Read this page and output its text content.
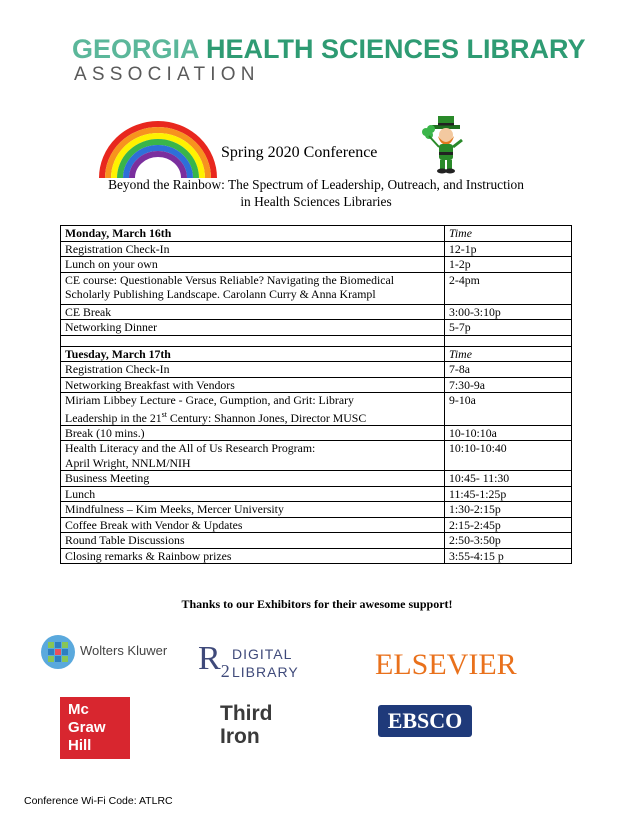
GEORGIA HEALTH SCIENCES LIBRARY
ASSOCIATION
Spring 2020 Conference
Beyond the Rainbow: The Spectrum of Leadership, Outreach, and Instruction
in Health Sciences Libraries
Monday, March 16th	Time
Registration Check-In	12-1p
Lunch on your own	1-2p

CE course: Questionable Versus Reliable? Navigating the Biomedical
Scholarly Publishing Landscape. Carolann Curry & Anna Krampl	2-4pm
CE Break	3:00-3:10p
Networking Dinner	5-7p

Tuesday, March 17th	Time
Registration Check-In	7-8a
Networking Breakfast with Vendors	7:30-9a

Miriam Libbey Lecture - Grace, Gumption, and Grit: Library
Leadership in the 21st Century: Shannon Jones, Director MUSC	9-10a
Break (10 mins.)	10-10:10a

Health Literacy and the All of Us Research Program:
April Wright, NNLM/NIH	10:10-10:40
Business Meeting	10:45- 11:30
Lunch	11:45-1:25p
Mindfulness – Kim Meeks, Mercer University	1:30-2:15p
Coffee Break with Vendor & Updates	2:15-2:45p
Round Table Discussions	2:50-3:50p
Closing remarks & Rainbow prizes	3:55-4:15 p
Thanks to our Exhibitors for their awesome support!
Wolters Kluwer $R_2$
DIGITAL
LIBRARY	ELSEVIER
Mc
Graw
Hill
Third
Iron
EBSCO
Conference Wi-Fi Code: ATLRC
